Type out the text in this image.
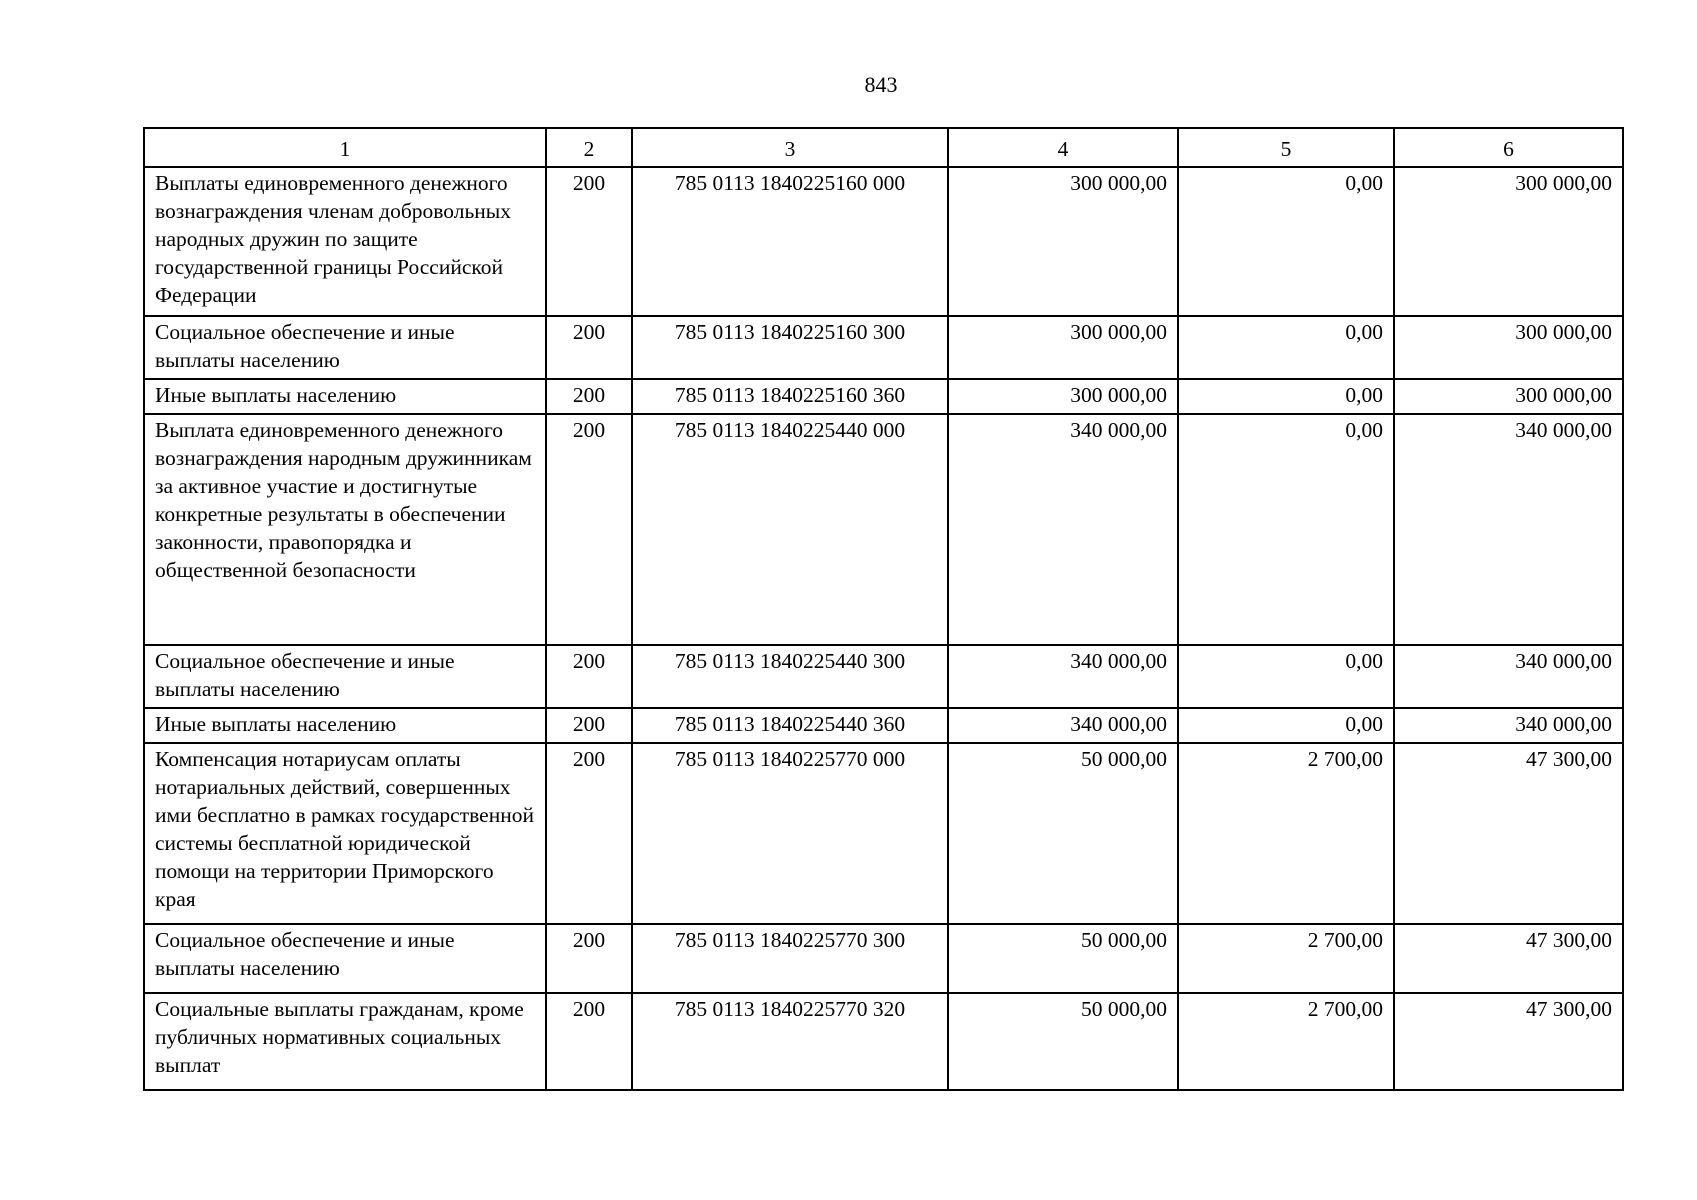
843
1	2	3	4	5	6
Выплаты единовременного денежного вознаграждения членам добровольных народных дружин по защите государственной границы Российской Федерации	200	785 0113 1840225160 000	300 000,00	0,00	300 000,00
Социальное обеспечение и иные выплаты населению	200	785 0113 1840225160 300	300 000,00	0,00	300 000,00
Иные выплаты населению	200	785 0113 1840225160 360	300 000,00	0,00	300 000,00
Выплата единовременного денежного вознаграждения народным дружинникам за активное участие и достигнутые конкретные результаты в обеспечении законности, правопорядка и общественной безопасности	200	785 0113 1840225440 000	340 000,00	0,00	340 000,00
Социальное обеспечение и иные выплаты населению	200	785 0113 1840225440 300	340 000,00	0,00	340 000,00
Иные выплаты населению	200	785 0113 1840225440 360	340 000,00	0,00	340 000,00
Компенсация нотариусам оплаты нотариальных действий, совершенных ими бесплатно в рамках государственной системы бесплатной юридической помощи на территории Приморского края	200	785 0113 1840225770 000	50 000,00	2 700,00	47 300,00
Социальное обеспечение и иные выплаты населению	200	785 0113 1840225770 300	50 000,00	2 700,00	47 300,00
Социальные выплаты гражданам, кроме публичных нормативных социальных выплат	200	785 0113 1840225770 320	50 000,00	2 700,00	47 300,00
